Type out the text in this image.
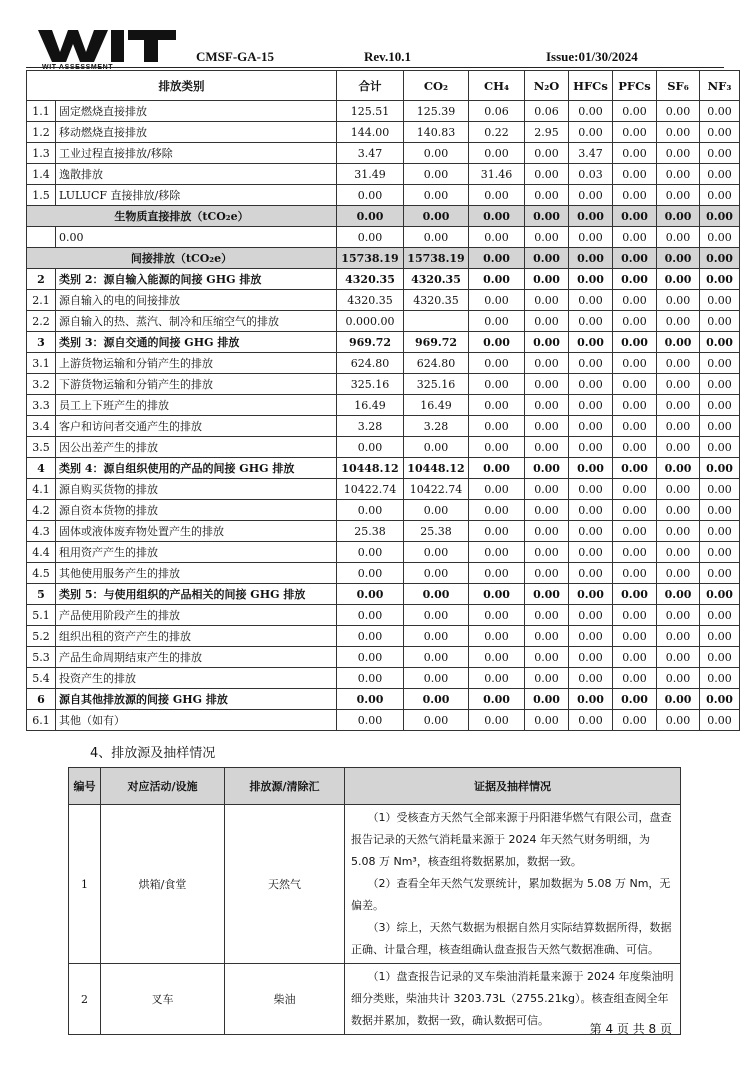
WIT ASSESSMENT
CMSF-GA-15	Rev.10.1	Issue:01/30/2024
排放类别		合计	CO₂	CH₄	N₂O	HFCs	PFCs	SF₆	NF₃
1.1	固定燃烧直接排放	125.51	125.39	0.06	0.06	0.00	0.00	0.00	0.00
1.2	移动燃烧直接排放	144.00	140.83	0.22	2.95	0.00	0.00	0.00	0.00
1.3	工业过程直接排放/移除	3.47	0.00	0.00	0.00	3.47	0.00	0.00	0.00
1.4	逸散排放	31.49	0.00	31.46	0.00	0.03	0.00	0.00	0.00
1.5	LULUCF 直接排放/移除	0.00	0.00	0.00	0.00	0.00	0.00	0.00	0.00
生物质直接排放（tCO₂e）		0.00	0.00	0.00	0.00	0.00	0.00	0.00	0.00
	0.00	0.00	0.00	0.00	0.00	0.00	0.00	0.00	0.00
间接排放（tCO₂e）		15738.19	15738.19	0.00	0.00	0.00	0.00	0.00	0.00
2	类别 2：源自输入能源的间接 GHG 排放	4320.35	4320.35	0.00	0.00	0.00	0.00	0.00	0.00
2.1	源自输入的电的间接排放	4320.35	4320.35	0.00	0.00	0.00	0.00	0.00	0.00
2.2	源自输入的热、蒸汽、制冷和压缩空气的排放	0.000.00		0.00	0.00	0.00	0.00	0.00	0.00
3	类别 3：源自交通的间接 GHG 排放	969.72	969.72	0.00	0.00	0.00	0.00	0.00	0.00
3.1	上游货物运输和分销产生的排放	624.80	624.80	0.00	0.00	0.00	0.00	0.00	0.00
3.2	下游货物运输和分销产生的排放	325.16	325.16	0.00	0.00	0.00	0.00	0.00	0.00
3.3	员工上下班产生的排放	16.49	16.49	0.00	0.00	0.00	0.00	0.00	0.00
3.4	客户和访问者交通产生的排放	3.28	3.28	0.00	0.00	0.00	0.00	0.00	0.00
3.5	因公出差产生的排放	0.00	0.00	0.00	0.00	0.00	0.00	0.00	0.00
4	类别 4：源自组织使用的产品的间接 GHG 排放	10448.12	10448.12	0.00	0.00	0.00	0.00	0.00	0.00
4.1	源自购买货物的排放	10422.74	10422.74	0.00	0.00	0.00	0.00	0.00	0.00
4.2	源自资本货物的排放	0.00	0.00	0.00	0.00	0.00	0.00	0.00	0.00
4.3	固体或液体废弃物处置产生的排放	25.38	25.38	0.00	0.00	0.00	0.00	0.00	0.00
4.4	租用资产产生的排放	0.00	0.00	0.00	0.00	0.00	0.00	0.00	0.00
4.5	其他使用服务产生的排放	0.00	0.00	0.00	0.00	0.00	0.00	0.00	0.00
5	类别 5：与使用组织的产品相关的间接 GHG 排放	0.00	0.00	0.00	0.00	0.00	0.00	0.00	0.00
5.1	产品使用阶段产生的排放	0.00	0.00	0.00	0.00	0.00	0.00	0.00	0.00
5.2	组织出租的资产产生的排放	0.00	0.00	0.00	0.00	0.00	0.00	0.00	0.00
5.3	产品生命周期结束产生的排放	0.00	0.00	0.00	0.00	0.00	0.00	0.00	0.00
5.4	投资产生的排放	0.00	0.00	0.00	0.00	0.00	0.00	0.00	0.00
6	源自其他排放源的间接 GHG 排放	0.00	0.00	0.00	0.00	0.00	0.00	0.00	0.00
6.1	其他（如有）	0.00	0.00	0.00	0.00	0.00	0.00	0.00	0.00
4、排放源及抽样情况
编号	对应活动/设施	排放源/清除汇	证据及抽样情况
1	烘箱/食堂	天然气	（1）受核查方天然气全部来源于丹阳港华燃气有限公司，盘查报告记录的天然气消耗量来源于 2024 年天然气财务明细，为 5.08 万 Nm³，核查组将数据累加，数据一致。

（2）查看全年天然气发票统计，累加数据为 5.08 万 Nm，无偏差。

（3）综上，天然气数据为根据自然月实际结算数据所得，数据正确、计量合理，核查组确认盘查报告天然气数据准确、可信。

2	叉车	柴油	（1）盘查报告记录的叉车柴油消耗量来源于 2024 年度柴油明细分类账，柴油共计 3203.73L（2755.21kg）。核查组查阅全年数据并累加，数据一致，确认数据可信。

第 4 页 共 8 页
